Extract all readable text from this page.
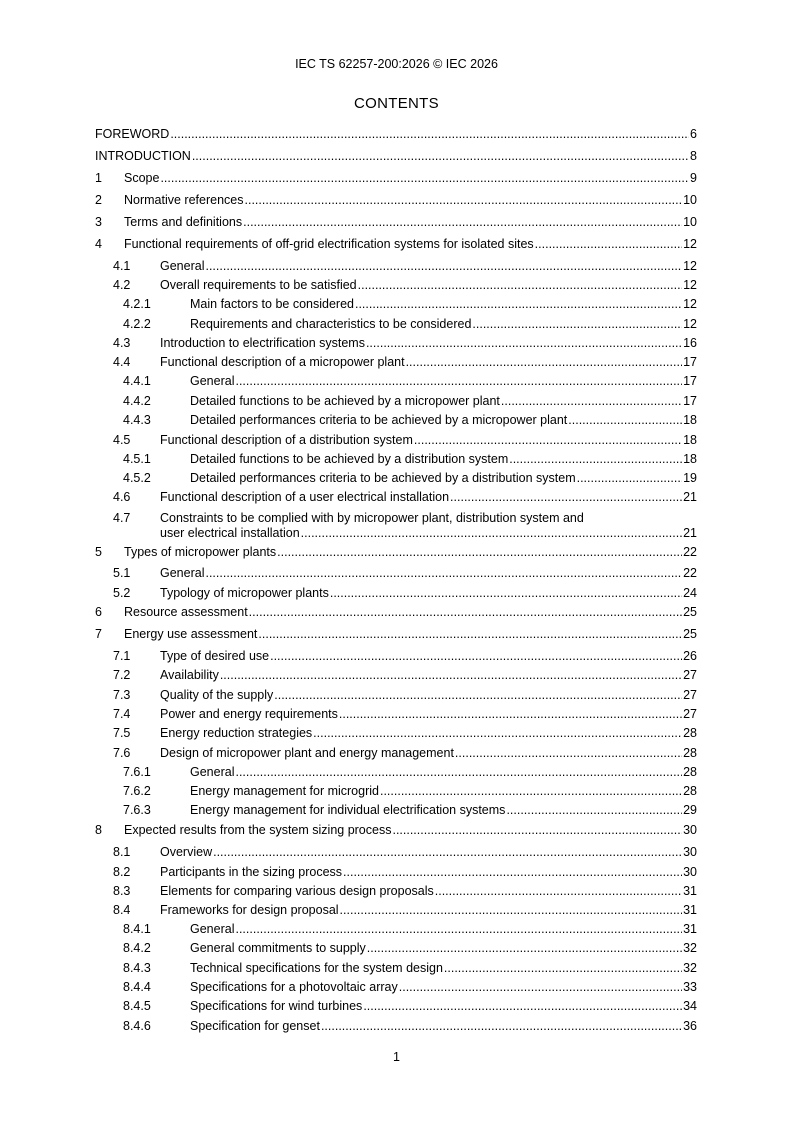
IEC TS 62257-200:2026 © IEC 2026
CONTENTS
FOREWORD .....	6
INTRODUCTION .....	8
1 Scope .....	9
2 Normative references .....	10
3 Terms and definitions .....	10
4 Functional requirements of off-grid electrification systems for isolated sites .....	12
4.1 General .....	12
4.2 Overall requirements to be satisfied .....	12
4.2.1	Main factors to be considered .....	12
4.2.2	Requirements and characteristics to be considered .....	12
4.3 Introduction to electrification systems .....	16
4.4 Functional description of a micropower plant .....	17
4.4.1	General .....	17
4.4.2	Detailed functions to be achieved by a micropower plant .....	17
4.4.3	Detailed performances criteria to be achieved by a micropower plant .....	18
4.5 Functional description of a distribution system .....	18
4.5.1	Detailed functions to be achieved by a distribution system .....	18
4.5.2	Detailed performances criteria to be achieved by a distribution system .....	19
4.6 Functional description of a user electrical installation .....	21
4.7 Constraints to be complied with by micropower plant, distribution system and
user electrical installation .....	21
5 Types of micropower plants .....	22
5.1 General .....	22
5.2 Typology of micropower plants .....	24
6 Resource assessment .....	25
7 Energy use assessment .....	25
7.1 Type of desired use .....	26
7.2 Availability .....	27
7.3 Quality of the supply .....	27
7.4 Power and energy requirements .....	27
7.5 Energy reduction strategies .....	28
7.6 Design of micropower plant and energy management .....	28
7.6.1	General .....	28
7.6.2	Energy management for microgrid .....	28
7.6.3	Energy management for individual electrification systems .....	29
8 Expected results from the system sizing process .....	30
8.1 Overview .....	30
8.2 Participants in the sizing process .....	30
8.3 Elements for comparing various design proposals .....	31
8.4 Frameworks for design proposal .....	31
8.4.1	General .....	31
8.4.2	General commitments to supply .....	32
8.4.3	Technical specifications for the system design .....	32
8.4.4	Specifications for a photovoltaic array .....	33
8.4.5	Specifications for wind turbines .....	34
8.4.6	Specification for genset .....	36
1
